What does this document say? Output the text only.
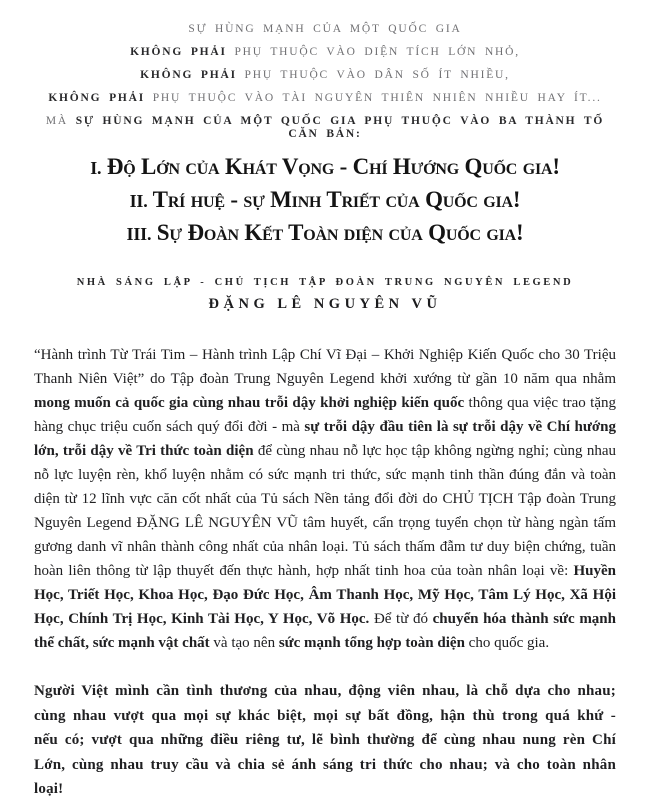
SỰ HÙNG MẠNH CỦA MỘT QUỐC GIA

KHÔNG PHẢI PHỤ THUỘC VÀO DIỆN TÍCH LỚN NHỎ,

KHÔNG PHẢI PHỤ THUỘC VÀO DÂN SỐ ÍT NHIỀU,

KHÔNG PHẢI PHỤ THUỘC VÀO TÀI NGUYÊN THIÊN NHIÊN NHIỀU HAY ÍT...

MÀ SỰ HÙNG MẠNH CỦA MỘT QUỐC GIA PHỤ THUỘC VÀO BA THÀNH TỐ CĂN BẢN:

I. Độ Lớn của Khát Vọng - Chí Hướng Quốc gia!
II. Trí huệ - sự Minh Triết của Quốc gia!
III. Sự Đoàn Kết Toàn diện của Quốc gia!

NHÀ SÁNG LẬP - CHỦ TỊCH TẬP ĐOÀN TRUNG NGUYÊN LEGEND

ĐẶNG LÊ NGUYÊN VŨ

“Hành trình Từ Trái Tim – Hành trình Lập Chí Vĩ Đại – Khởi Nghiệp Kiến Quốc cho 30 Triệu Thanh Niên Việt” do Tập đoàn Trung Nguyên Legend khởi xướng từ gần 10 năm qua nhằm mong muốn cả quốc gia cùng nhau trỗi dậy khởi nghiệp kiến quốc thông qua việc trao tặng hàng chục triệu cuốn sách quý đổi đời - mà sự trỗi dậy đầu tiên là sự trỗi dậy về Chí hướng lớn, trỗi dậy về Tri thức toàn diện để cùng nhau nỗ lực học tập không ngừng nghỉ; cùng nhau nỗ lực luyện rèn, khổ luyện nhằm có sức mạnh tri thức, sức mạnh tinh thần đúng đắn và toàn diện từ 12 lĩnh vực căn cốt nhất của Tủ sách Nền tảng đổi đời do CHỦ TỊCH Tập đoàn Trung Nguyên Legend ĐẶNG LÊ NGUYÊN VŨ tâm huyết, cẩn trọng tuyển chọn từ hàng ngàn tấm gương danh vĩ nhân thành công nhất của nhân loại. Tủ sách thấm đẫm tư duy biện chứng, tuần hoàn liên thông từ lập thuyết đến thực hành, hợp nhất tinh hoa của toàn nhân loại về: Huyền Học, Triết Học, Khoa Học, Đạo Đức Học, Âm Thanh Học, Mỹ Học, Tâm Lý Học, Xã Hội Học, Chính Trị Học, Kinh Tài Học, Y Học, Võ Học. Để từ đó chuyển hóa thành sức mạnh thể chất, sức mạnh vật chất và tạo nên sức mạnh tổng hợp toàn diện cho quốc gia.

Người Việt mình cần tình thương của nhau, động viên nhau, là chỗ dựa cho nhau; cùng nhau vượt qua mọi sự khác biệt, mọi sự bất đồng, hận thù trong quá khứ - nếu có; vượt qua những điều riêng tư, lẽ bình thường để cùng nhau nung rèn Chí Lớn, cùng nhau truy cầu và chia sẻ ánh sáng tri thức cho nhau; và cho toàn nhân loại!
